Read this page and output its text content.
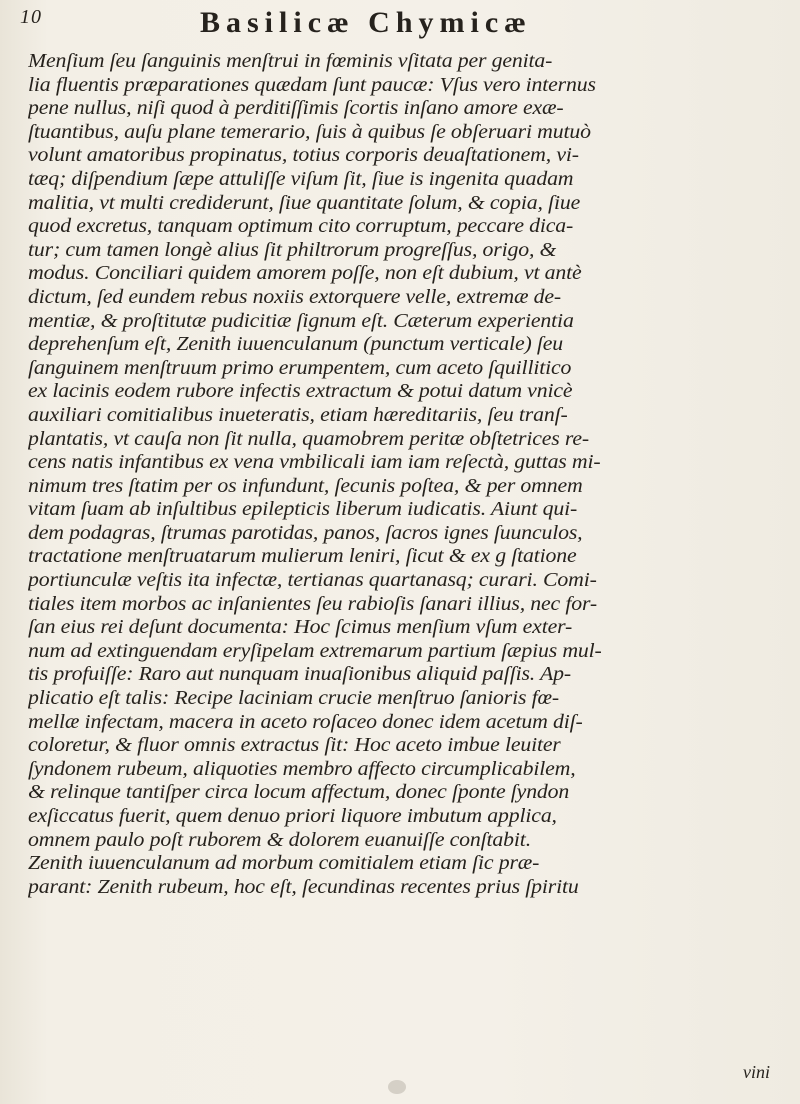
10	Basilicæ Chymicæ
Menſium ſeu ſanguinis menſtrui in fœminis vſitata per genita-
lia fluentis præparationes quædam ſunt paucæ: Vſus vero internus
pene nullus, niſi quod à perditiſſimis ſcortis inſano amore exæ-
ſtuantibus, auſu plane temerario, ſuis à quibus ſe obſeruari mutuò
volunt amatoribus propinatus, totius corporis deuaſtationem, vi-
tæq; diſpendium ſæpe attuliſſe viſum ſit, ſiue is ingenita quadam
malitia, vt multi crediderunt, ſiue quantitate ſolum, & copia, ſiue
quod excretus, tanquam optimum cito corruptum, peccare dica-
tur; cum tamen longè alius ſit philtrorum progreſſus, origo, &
modus. Conciliari quidem amorem poſſe, non eſt dubium, vt antè
dictum, ſed eundem rebus noxiis extorquere velle, extremæ de-
mentiæ, & proſtitutæ pudicitiæ ſignum eſt. Cæterum experientia
deprehenſum eſt, Zenith iuuenculanum (punctum verticale) ſeu
ſanguinem menſtruum primo erumpentem, cum aceto ſquillitico
ex lacinis eodem rubore infectis extractum & potui datum vnicè
auxiliari comitialibus inueteratis, etiam hæreditariis, ſeu tranſ-
plantatis, vt cauſa non ſit nulla, quamobrem peritæ obſtetrices re-
cens natis infantibus ex vena vmbilicali iam iam reſectà, guttas mi-
nimum tres ſtatim per os infundunt, ſecunis poſtea, & per omnem
vitam ſuam ab inſultibus epilepticis liberum iudicatis. Aiunt qui-
dem podagras, ſtrumas parotidas, panos, ſacros ignes ſuunculos,
tractatione menſtruatarum mulierum leniri, ſicut & ex g ſtatione
portiunculæ veſtis ita infectæ, tertianas quartanasq; curari. Comi-
tiales item morbos ac inſanientes ſeu rabioſis ſanari illius, nec for-
ſan eius rei deſunt documenta: Hoc ſcimus menſium vſum exter-
num ad extinguendam eryſipelam extremarum partium ſæpius mul-
tis profuiſſe: Raro aut nunquam inuaſionibus aliquid paſſis. Ap-
plicatio eſt talis: Recipe laciniam crucie menſtruo ſanioris fœ-
mellæ infectam, macera in aceto roſaceo donec idem acetum diſ-
coloretur, & fluor omnis extractus ſit: Hoc aceto imbue leuiter
ſyndonem rubeum, aliquoties membro affecto circumplicabilem,
& relinque tantiſper circa locum affectum, donec ſponte ſyndon
exſiccatus fuerit, quem denuo priori liquore imbutum applica,
omnem paulo poſt ruborem & dolorem euanuiſſe conſtabit.
Zenith iuuenculanum ad morbum comitialem etiam ſic præ-
parant: Zenith rubeum, hoc eſt, ſecundinas recentes prius ſpiritu
vini
